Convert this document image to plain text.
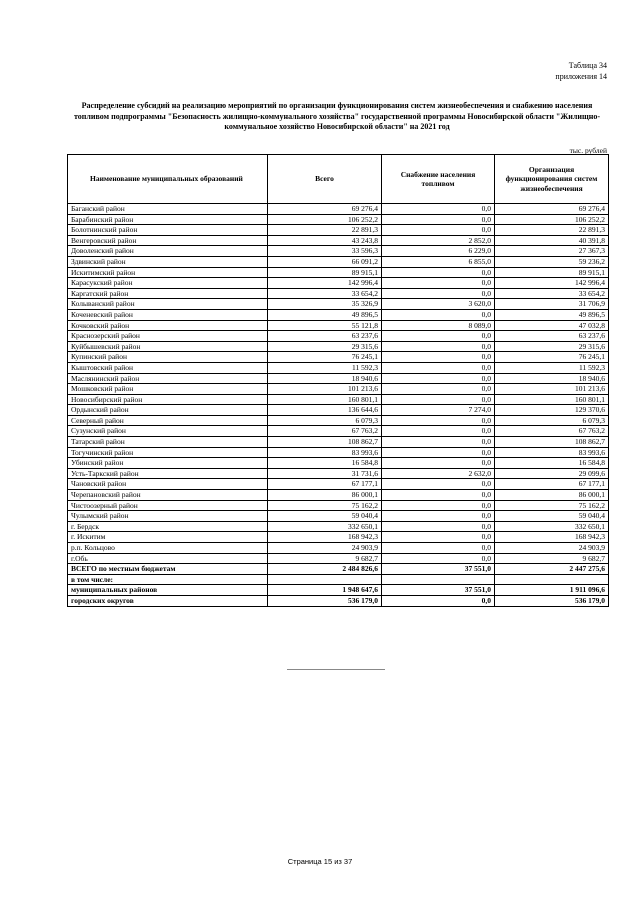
Таблица 34
приложения 14
Распределение субсидий на реализацию мероприятий по организации функционирования систем жизнеобеспечения и снабжению населения топливом подпрограммы "Безопасность жилищно-коммунального хозяйства" государственной программы Новосибирской области "Жилищно-коммунальное хозяйство Новосибирской области" на 2021 год
тыс. рублей
Наименование муниципальных образований	Всего	Снабжение населения топливом	Организация функционирования систем жизнеобеспечения
Баганский район	69 276,4	0,0	69 276,4
Барабинский район	106 252,2	0,0	106 252,2
Болотнинский район	22 891,3	0,0	22 891,3
Венгеровский район	43 243,8	2 852,0	40 391,8
Доволенский район	33 596,3	6 229,0	27 367,3
Здвинский район	66 091,2	6 855,0	59 236,2
Искитимский район	89 915,1	0,0	89 915,1
Карасукский район	142 996,4	0,0	142 996,4
Каргатский район	33 654,2	0,0	33 654,2
Колыванский район	35 326,9	3 620,0	31 706,9
Коченевский район	49 896,5	0,0	49 896,5
Кочковский район	55 121,8	8 089,0	47 032,8
Краснозерский район	63 237,6	0,0	63 237,6
Куйбышевский район	29 315,6	0,0	29 315,6
Купинский район	76 245,1	0,0	76 245,1
Кыштовский район	11 592,3	0,0	11 592,3
Маслянинский район	18 940,6	0,0	18 940,6
Мошковский район	101 213,6	0,0	101 213,6
Новосибирский район	160 801,1	0,0	160 801,1
Ордынский район	136 644,6	7 274,0	129 370,6
Северный район	6 079,3	0,0	6 079,3
Сузунский район	67 763,2	0,0	67 763,2
Татарский район	108 862,7	0,0	108 862,7
Тогучинский район	83 993,6	0,0	83 993,6
Убинский район	16 584,8	0,0	16 584,8
Усть-Таркский район	31 731,6	2 632,0	29 099,6
Чановский район	67 177,1	0,0	67 177,1
Черепановский район	86 000,1	0,0	86 000,1
Чистоозерный район	75 162,2	0,0	75 162,2
Чулымский район	59 040,4	0,0	59 040,4
г. Бердск	332 650,1	0,0	332 650,1
г. Искитим	168 942,3	0,0	168 942,3
р.п. Кольцово	24 903,9	0,0	24 903,9
г.Обь	9 682,7	0,0	9 682,7
ВСЕГО по местным бюджетам	2 484 826,6	37 551,0	2 447 275,6
в том числе:			
муниципальных районов	1 948 647,6	37 551,0	1 911 096,6
городских округов	536 179,0	0,0	536 179,0
Страница 15 из 37
